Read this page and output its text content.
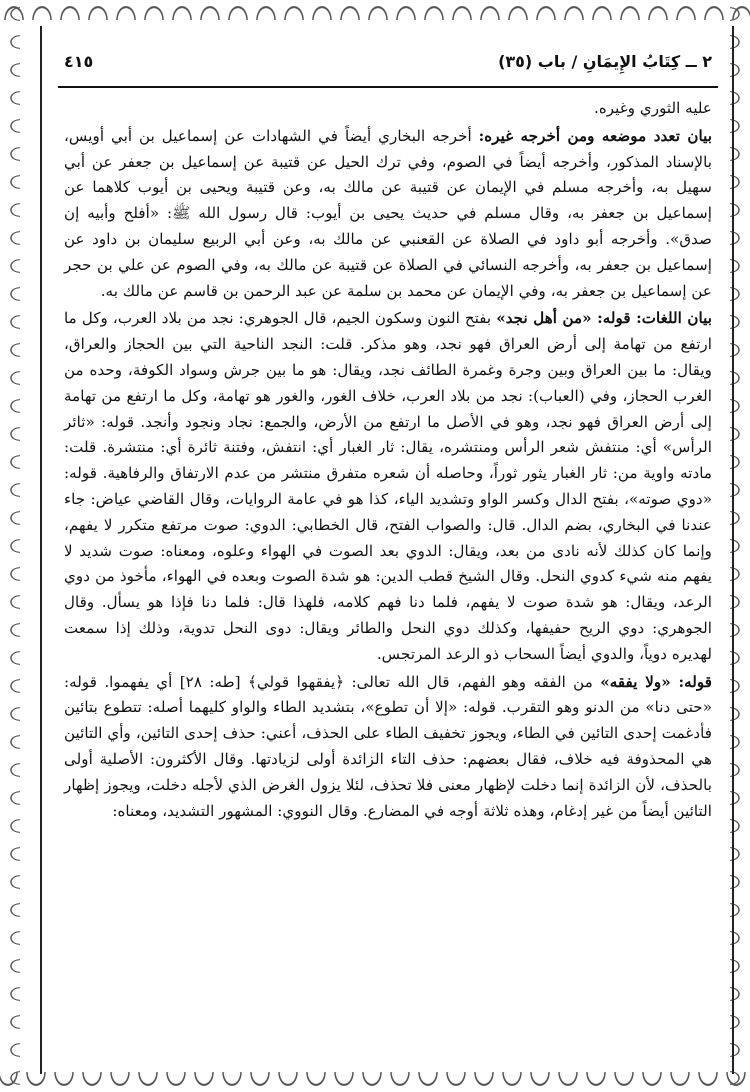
٢ ــ كِتَابُ الإِيمَانِ / باب (٣٥)
٤١٥

عليه الثوري وغيره.

بيان تعدد موضعه ومن أخرجه غيره: أخرجه البخاري أيضاً في الشهادات عن إسماعيل بن أبي أويس، بالإسناد المذكور، وأخرجه أيضاً في الصوم، وفي ترك الحيل عن قتيبة عن إسماعيل بن جعفر عن أبي سهيل به، وأخرجه مسلم في الإيمان عن قتيبة عن مالك به، وعن قتيبة ويحيى بن أيوب كلاهما عن إسماعيل بن جعفر به، وقال مسلم في حديث يحيى بن أيوب: قال رسول الله ﷺ: «أفلح وأبيه إن صدق». وأخرجه أبو داود في الصلاة عن القعنبي عن مالك به، وعن أبي الربيع سليمان بن داود عن إسماعيل بن جعفر به، وأخرجه النسائي في الصلاة عن قتيبة عن مالك به، وفي الصوم عن علي بن حجر عن إسماعيل بن جعفر به، وفي الإيمان عن محمد بن سلمة عن عبد الرحمن بن قاسم عن مالك به.

بيان اللغات: قوله: «من أهل نجد» بفتح النون وسكون الجيم، قال الجوهري: نجد من بلاد العرب، وكل ما ارتفع من تهامة إلى أرض العراق فهو نجد، وهو مذكر. قلت: النجد الناحية التي بين الحجاز والعراق، ويقال: ما بين العراق وبين وجرة وغمرة الطائف نجد، ويقال: هو ما بين جرش وسواد الكوفة، وحده من الغرب الحجاز، وفي (العباب): نجد من بلاد العرب، خلاف الغور، والغور هو تهامة، وكل ما ارتفع من تهامة إلى أرض العراق فهو نجد، وهو في الأصل ما ارتفع من الأرض، والجمع: نجاد ونجود وأنجد. قوله: «ثائر الرأس» أي: منتفش شعر الرأس ومنتشره، يقال: ثار الغبار أي: انتفش، وفتنة ثائرة أي: منتشرة. قلت: مادته واوية من: ثار الغبار يثور ثوراً، وحاصله أن شعره متفرق منتشر من عدم الارتفاق والرفاهية. قوله: «دوي صوته»، بفتح الدال وكسر الواو وتشديد الياء، كذا هو في عامة الروايات، وقال القاضي عياض: جاء عندنا في البخاري، بضم الدال. قال: والصواب الفتح، قال الخطابي: الدوي: صوت مرتفع متكرر لا يفهم، وإنما كان كذلك لأنه نادى من بعد، ويقال: الدوي بعد الصوت في الهواء وعلوه، ومعناه: صوت شديد لا يفهم منه شيء كدوي النحل. وقال الشيخ قطب الدين: هو شدة الصوت وبعده في الهواء، مأخوذ من دوي الرعد، ويقال: هو شدة صوت لا يفهم، فلما دنا فهم كلامه، فلهذا قال: فلما دنا فإذا هو يسأل. وقال الجوهري: دوي الريح حفيفها، وكذلك دوي النحل والطائر ويقال: دوى النحل تدوية، وذلك إذا سمعت لهديره دوياً، والدوي أيضاً السحاب ذو الرعد المرتجس.

قوله: «ولا يفقه» من الفقه وهو الفهم، قال الله تعالى: ﴿يفقهوا قولي﴾ [طه: ٢٨] أي يفهموا. قوله: «حتى دنا» من الدنو وهو التقرب. قوله: «إلا أن تطوع»، بتشديد الطاء والواو كليهما أصله: تتطوع بتائين فأدغمت إحدى التائين في الطاء، ويجوز تخفيف الطاء على الحذف، أعني: حذف إحدى التائين، وأي التائين هي المحذوفة فيه خلاف، فقال بعضهم: حذف التاء الزائدة أولى لزيادتها. وقال الأكثرون: الأصلية أولى بالحذف، لأن الزائدة إنما دخلت لإظهار معنى فلا تحذف، لئلا يزول الغرض الذي لأجله دخلت، ويجوز إظهار التائين أيضاً من غير إدغام، وهذه ثلاثة أوجه في المضارع. وقال النووي: المشهور التشديد، ومعناه:
